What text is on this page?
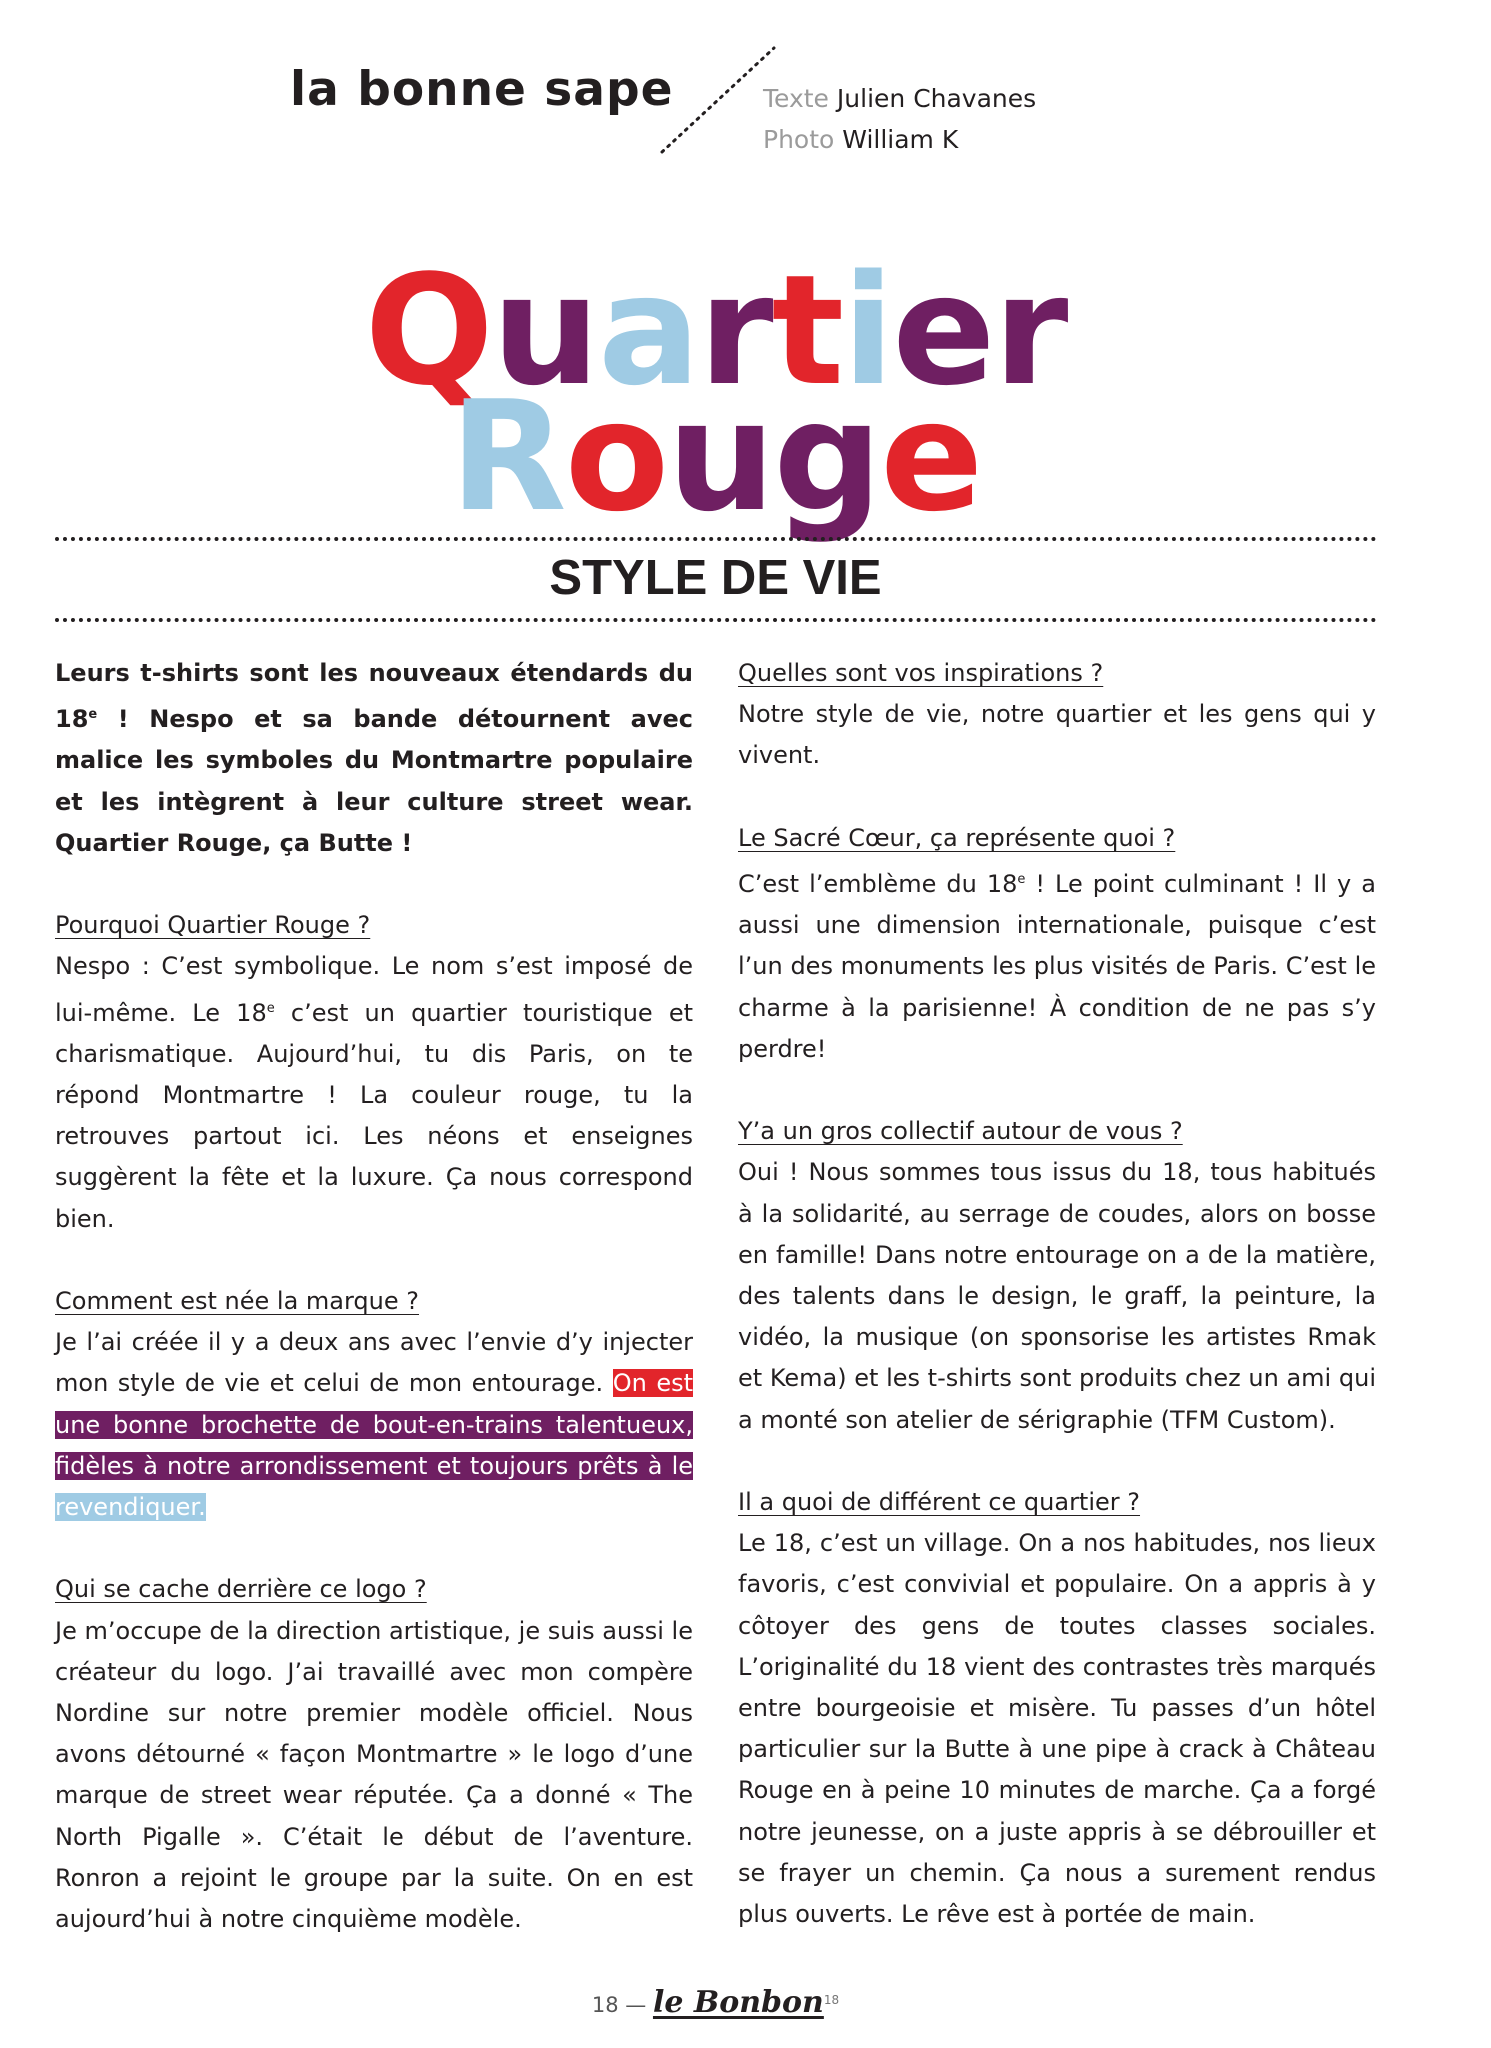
la bonne sape	Texte Julien Chavanes
Photo William K
Quartier
Rouge
STYLE DE VIE

Leurs t-shirts sont les nouveaux étendards du 18e ! Nespo et sa bande détournent avec malice les symboles du Montmartre populaire et les intègrent à leur culture street wear. Quartier Rouge, ça Butte !

Pourquoi Quartier Rouge ?
Nespo : C’est symbolique. Le nom s’est imposé de lui-même. Le 18e c’est un quartier touristique et charismatique. Aujourd’hui, tu dis Paris, on te répond Montmartre ! La couleur rouge, tu la retrouves partout ici. Les néons et enseignes suggèrent la fête et la luxure. Ça nous correspond bien.

Comment est née la marque ?
Je l’ai créée il y a deux ans avec l’envie d’y injecter mon style de vie et celui de mon entourage. On est une bonne brochette de bout-en-trains talentueux, fidèles à notre arrondissement et toujours prêts à le revendiquer.

Qui se cache derrière ce logo ?
Je m’occupe de la direction artistique, je suis aussi le créateur du logo. J’ai travaillé avec mon compère Nordine sur notre premier modèle officiel. Nous avons détourné « façon Montmartre » le logo d’une marque de street wear réputée. Ça a donné « The North Pigalle ». C’était le début de l’aventure. Ronron a rejoint le groupe par la suite. On en est aujourd’hui à notre cinquième modèle.

Quelles sont vos inspirations ?
Notre style de vie, notre quartier et les gens qui y vivent.

Le Sacré Cœur, ça représente quoi ?
C’est l’emblème du 18e ! Le point culminant ! Il y a aussi une dimension internationale, puisque c’est l’un des monuments les plus visités de Paris. C’est le charme à la parisienne! À condition de ne pas s’y perdre!

Y’a un gros collectif autour de vous ?
Oui ! Nous sommes tous issus du 18, tous habitués à la solidarité, au serrage de coudes, alors on bosse en famille! Dans notre entourage on a de la matière, des talents dans le design, le graff, la peinture, la vidéo, la musique (on sponsorise les artistes Rmak et Kema) et les t-shirts sont produits chez un ami qui a monté son atelier de sérigraphie (TFM Custom).

Il a quoi de différent ce quartier ?
Le 18, c’est un village. On a nos habitudes, nos lieux favoris, c’est convivial et populaire. On a appris à y côtoyer des gens de toutes classes sociales. L’originalité du 18 vient des contrastes très marqués entre bourgeoisie et misère. Tu passes d’un hôtel particulier sur la Butte à une pipe à crack à Château Rouge en à peine 10 minutes de marche. Ça a forgé notre jeunesse, on a juste appris à se débrouiller et se frayer un chemin. Ça nous a surement rendus plus ouverts. Le rêve est à portée de main.

18 — le Bonbon$^{18}$
